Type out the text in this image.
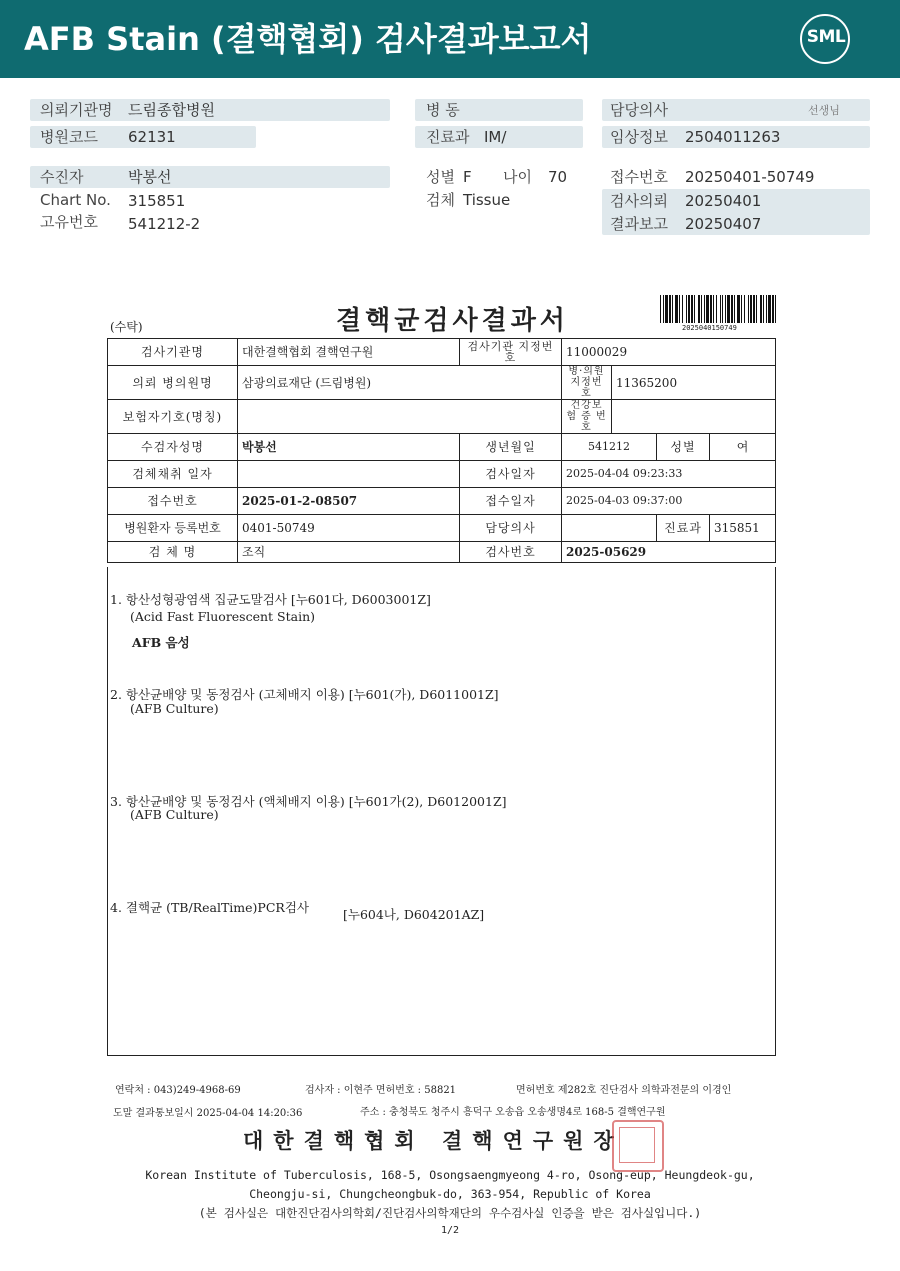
AFB Stain (결핵협회) 검사결과보고서	SML
의뢰기관명 드림종합병원
병원코드 62131
병 동
진료과 IM/
담당의사	선생님
임상정보 2504011263
수진자	박봉선
Chart No. 315851
고유번호 541212-2
성별 F 나이 70
검체 Tissue
접수번호 20250401-50749
검사의뢰 20250401
결과보고 20250407
(수탁)	결핵균검사결과서	2025040150749
검사기관명	대한결핵협회 결핵연구원	검사기관 지정번호	11000029			
의뢰 병의원명	삼광의료재단 (드림병원)		병·의원 지정번호	11365200		
보험자기호(명칭)			건강보험 증 번 호			
수검자성명	박봉선	생년월일	541212		성별	여
검체채취 일자		검사일자	2025-04-04 09:23:33			
접수번호	2025-01-2-08507	접수일자	2025-04-03 09:37:00			
병원환자 등록번호	0401-50749	담당의사			진료과	315851
검 체 명	조직	검사번호	2025-05629			
1. 항산성형광염색 집균도말검사 [누601다, D6003001Z]
(Acid Fast Fluorescent Stain)
AFB 음성
2. 항산균배양 및 동정검사 (고체배지 이용) [누601(가), D6011001Z]
(AFB Culture)
3. 항산균배양 및 동정검사 (액체배지 이용) [누601가(2), D6012001Z]
(AFB Culture)
4. 결핵균 (TB/RealTime)PCR검사	[누604나, D604201AZ]
연락처 : 043)249-4968-69	검사자 : 이현주 면허번호 : 58821	면허번호 제282호 진단검사 의학과전문의 이경인
도말 결과통보일시 2025-04-04 14:20:36	주소 : 충청북도 청주시 흥덕구 오송읍 오송생명4로 168-5 결핵연구원
대한결핵협회 결핵연구원장
Korean Institute of Tuberculosis, 168-5, Osongsaengmyeong 4-ro, Osong-eup, Heungdeok-gu,
Cheongju-si, Chungcheongbuk-do, 363-954, Republic of Korea
(본 검사실은 대한진단검사의학회/진단검사의학재단의 우수검사실 인증을 받은 검사실입니다.)
1/2
